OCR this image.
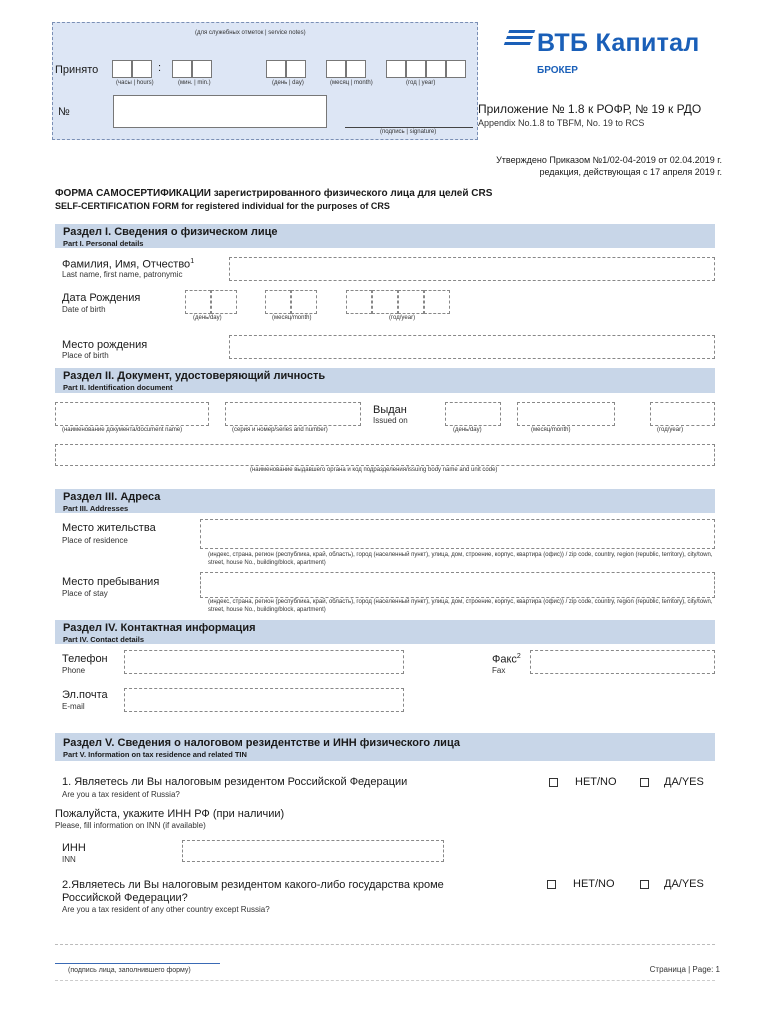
(для служебных отметок | service notes)
Принято	:
(часы | hours)	(мин. | min.)	(день | day)	(месяц | month)	(год | year)
№
(подпись | signature)
ВТБ Капитал
БРОКЕР
Приложение № 1.8 к РОФР, № 19 к РДО
Appendix No.1.8 to TBFM, No. 19 to RCS
Утверждено Приказом №1/02-04-2019 от 02.04.2019 г.
редакция, действующая с 17 апреля 2019 г.
ФОРМА САМОСЕРТИФИКАЦИИ зарегистрированного физического лица для целей CRS
SELF-CERTIFICATION FORM for registered individual for the purposes of CRS
Раздел I. Сведения о физическом лице
Part I. Personal details
Фамилия, Имя, Отчество$^1$
Last name, first name, patronymic
Дата Рождения
Date of birth
(день/day)	(месяц/month)	(год/year)
Место рождения
Place of birth
Раздел II. Документ, удостоверяющий личность
Part II. Identification document
Выдан
Issued on
(наименование документа/document name)	(серия и номер/series and number)	(день/day)	(месяц/month)	(год/year)
(наименование выдавшего органа и код подразделения/issuing body name and unit code)
Раздел III. Адреса
Part III. Addresses
Место жительства
Place of residence
(индекс, страна, регион (республика, край, область), город (населенный пункт), улица, дом, строение, корпус, квартира (офис)) / zip code, country, region (republic, territory), city/town, street, house No., building/block, apartment)
Место пребывания
Place of stay
(индекс, страна, регион (республика, край, область), город (населенный пункт), улица, дом, строение, корпус, квартира (офис)) / zip code, country, region (republic, territory), city/town, street, house No., building/block, apartment)
Раздел IV. Контактная информация
Part IV. Contact details
Телефон
Phone
Факс$^2$
Fax
Эл.почта
E-mail
Раздел V. Сведения о налоговом резидентстве и ИНН физического лица
Part V. Information on tax residence and related TIN
1. Являетесь ли Вы налоговым резидентом Российской Федерации
Are you a tax resident of Russia?
НЕТ/NO	ДА/YES
Пожалуйста, укажите ИНН РФ (при наличии)
Please, fill information on INN (if available)
ИНН
INN
2.Являетесь ли Вы налоговым резидентом какого-либо государства кроме
Российской Федерации?
Are you a tax resident of any other country except Russia?
НЕТ/NO	ДА/YES
(подпись лица, заполнившего форму)	Страница | Page: 1
